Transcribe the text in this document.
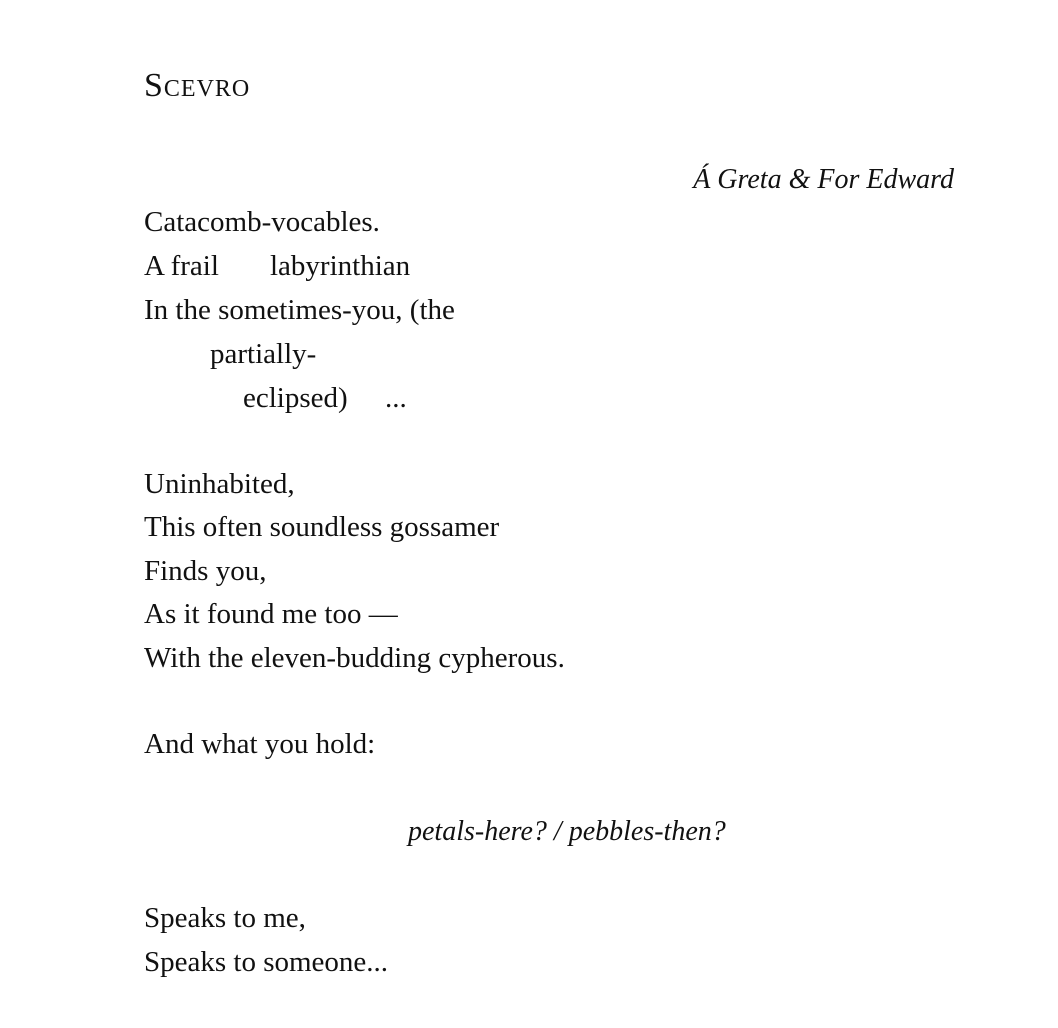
Scevro
Á Greta & For Edward
Catacomb-vocables.
A frail labyrinthian
In the sometimes-you, (the
partially-
eclipsed) ...
Uninhabited,
This often soundless gossamer
Finds you,
As it found me too —
With the eleven-budding cypherous.
And what you hold:
petals-here? / pebbles-then?
Speaks to me,
Speaks to someone...
